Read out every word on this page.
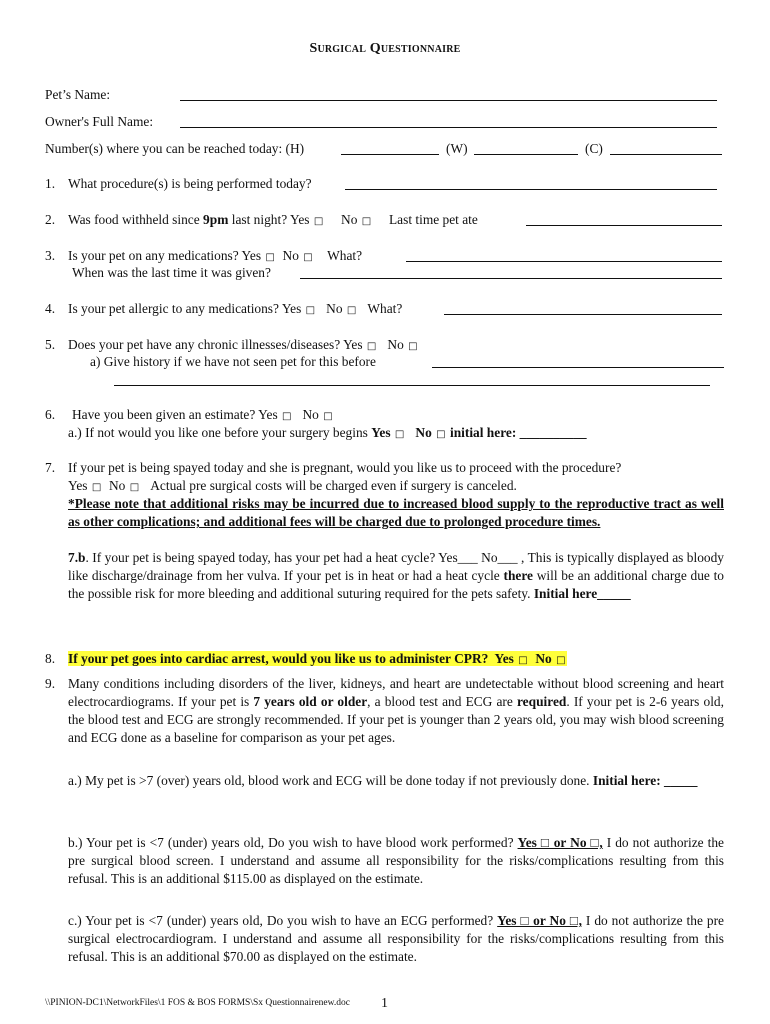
Surgical Questionnaire
Pet’s Name:
Owner's Full Name:
Number(s) where you can be reached today: (H)	(W)	(C)
1. What procedure(s) is being performed today?
2. Was food withheld since 9pm last night? Yes □ No □ Last time pet ate
3. Is your pet on any medications? Yes □ No □ What?
When was the last time it was given?
4. Is your pet allergic to any medications? Yes □ No □ What?
5. Does your pet have any chronic illnesses/diseases? Yes □ No □
a) Give history if we have not seen pet for this before
6. Have you been given an estimate? Yes □ No □
a.) If not would you like one before your surgery begins Yes □ No □ initial here: __________
7. If your pet is being spayed today and she is pregnant, would you like us to proceed with the procedure?
Yes □ No □ Actual pre surgical costs will be charged even if surgery is canceled.
*Please note that additional risks may be incurred due to increased blood supply to the reproductive tract as well as other complications; and additional fees will be charged due to prolonged procedure times.
7.b. If your pet is being spayed today, has your pet had a heat cycle? Yes___ No___ , This is typically displayed as bloody like discharge/drainage from her vulva. If your pet is in heat or had a heat cycle there will be an additional charge due to the possible risk for more bleeding and additional suturing required for the pets safety. Initial here_____
8. If your pet goes into cardiac arrest, would you like us to administer CPR? Yes □ No □
9. Many conditions including disorders of the liver, kidneys, and heart are undetectable without blood screening and heart electrocardiograms. If your pet is 7 years old or older, a blood test and ECG are required. If your pet is 2-6 years old, the blood test and ECG are strongly recommended. If your pet is younger than 2 years old, you may wish blood screening and ECG done as a baseline for comparison as your pet ages.
a.) My pet is >7 (over) years old, blood work and ECG will be done today if not previously done. Initial here: _____
b.) Your pet is <7 (under) years old, Do you wish to have blood work performed? Yes □ or No □, I do not authorize the pre surgical blood screen. I understand and assume all responsibility for the risks/complications resulting from this refusal. This is an additional $115.00 as displayed on the estimate.
c.) Your pet is <7 (under) years old, Do you wish to have an ECG performed? Yes □ or No □, I do not authorize the pre surgical electrocardiogram. I understand and assume all responsibility for the risks/complications resulting from this refusal. This is an additional $70.00 as displayed on the estimate.
\\PINION-DC1\NetworkFiles\1 FOS & BOS FORMS\Sx Questionnairenew.doc 1
